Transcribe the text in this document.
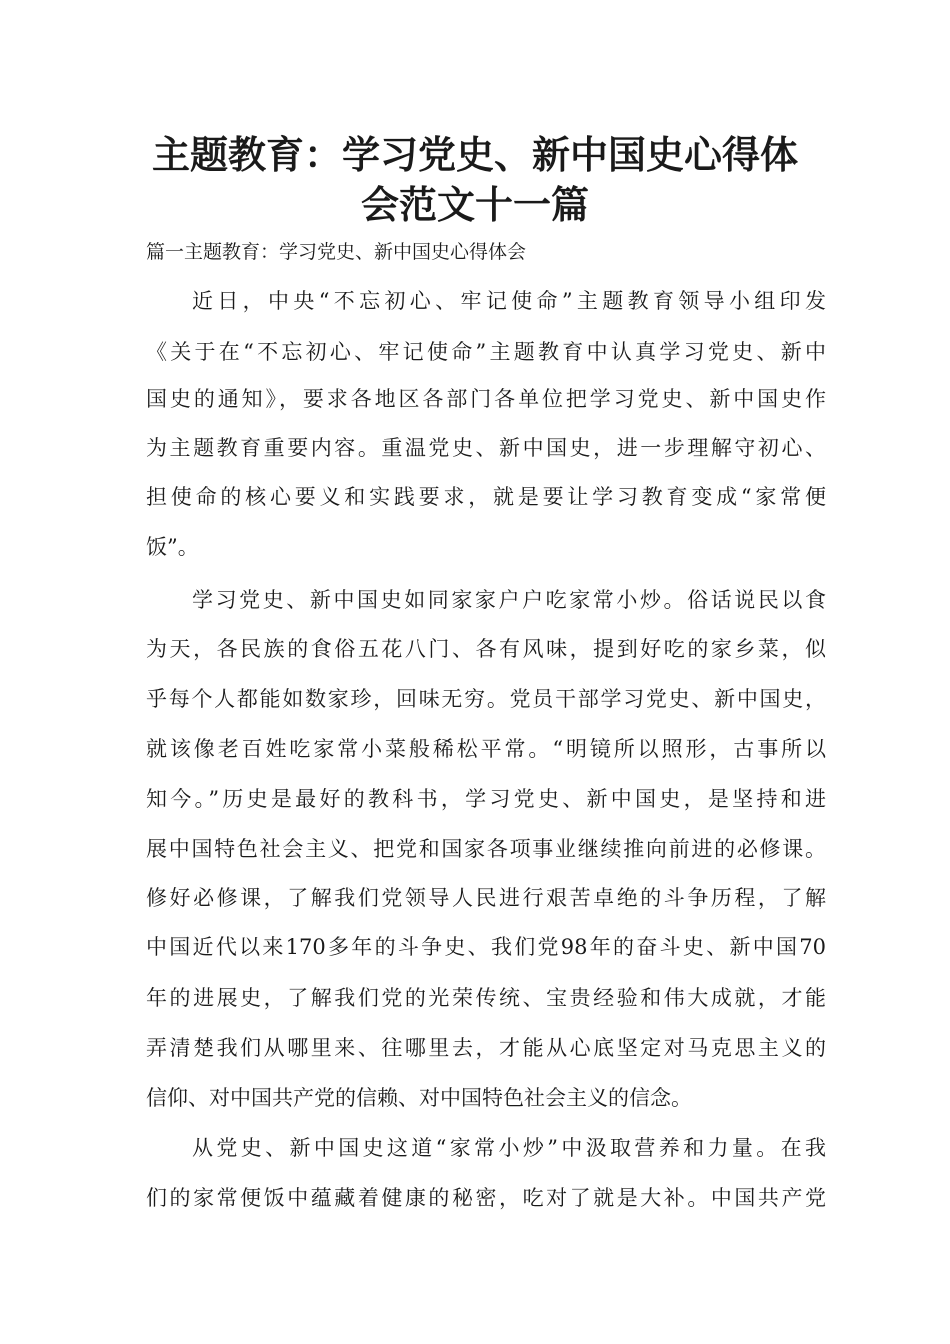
主题教育：学习党史、新中国史心得体
会范文十一篇

篇一主题教育：学习党史、新中国史心得体会

近日，中央“不忘初心、牢记使命”主题教育领导小组印发

《关于在“不忘初心、牢记使命”主题教育中认真学习党史、新中

国史的通知》，要求各地区各部门各单位把学习党史、新中国史作

为主题教育重要内容。重温党史、新中国史，进一步理解守初心、

担使命的核心要义和实践要求，就是要让学习教育变成“家常便

饭”。

学习党史、新中国史如同家家户户吃家常小炒。俗话说民以食

为天，各民族的食俗五花八门、各有风味，提到好吃的家乡菜，似

乎每个人都能如数家珍，回味无穷。党员干部学习党史、新中国史，

就该像老百姓吃家常小菜般稀松平常。“明镜所以照形，古事所以

知今。”历史是最好的教科书，学习党史、新中国史，是坚持和进

展中国特色社会主义、把党和国家各项事业继续推向前进的必修课。

修好必修课，了解我们党领导人民进行艰苦卓绝的斗争历程，了解

中国近代以来170多年的斗争史、我们党98年的奋斗史、新中国70

年的进展史，了解我们党的光荣传统、宝贵经验和伟大成就，才能

弄清楚我们从哪里来、往哪里去，才能从心底坚定对马克思主义的

信仰、对中国共产党的信赖、对中国特色社会主义的信念。

从党史、新中国史这道“家常小炒”中汲取营养和力量。在我

们的家常便饭中蕴藏着健康的秘密，吃对了就是大补。中国共产党
